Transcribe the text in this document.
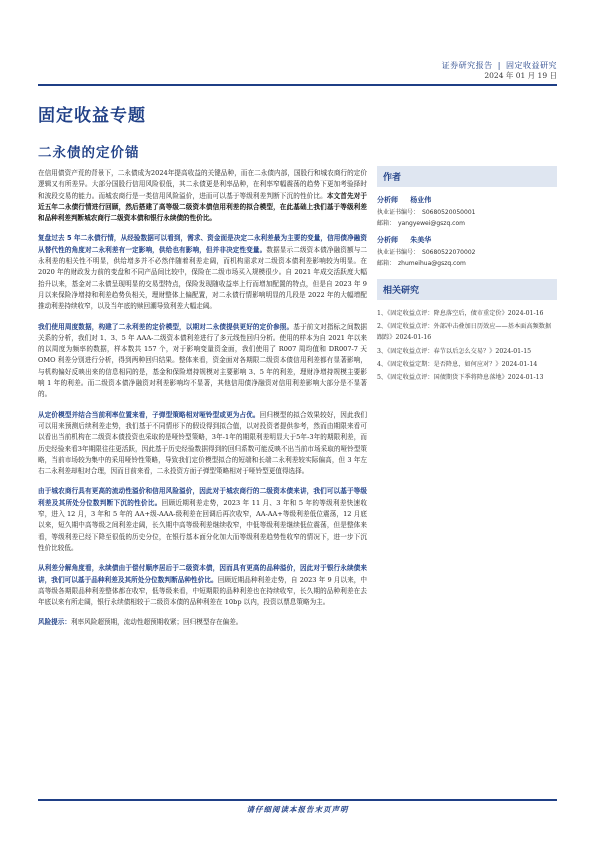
证券研究报告 | 固定收益研究
2024 年 01 月 19 日
固定收益专题
二永债的定价锚

在信用债资产荒的背景下，二永债成为2024年提高收益的关键品种，而在二永债内部，国股行和城农商行的定价逻辑又有所差异。大部分国股行信用风险很低，其二永债更是利率品种，在利率窄幅震荡的趋势下更加考验择时和波段交易的能力。而城农商行是一类信用风险溢价，进而可以基于等级利差判断下沉的性价比。本文首先对于近五年二永债行情进行回顾，然后搭建了高等级二级资本债信用利差的拟合模型，在此基础上我们基于等级利差和品种利差判断城农商行二级资本债和银行永续债的性价比。

复盘过去 5 年二永债行情，从经验数据可以看到，需求、资金面是决定二永利差最为主要的变量，信用债净融资从替代性的角度对二永利差有一定影响，供给也有影响，但并非决定性变量。数据显示二级资本债净融资额与二永利差的相关性不明显，供给增多并不必然伴随着利差走阔，而机构需求对二级资本债利差影响较为明显。在 2020 年的财政发力前的变盘和不同产品间比较中，保险在二级市场买入规模很少。自 2021 年成交活跃度大幅抬升以来，基金对二永债呈现明显的交易型特点，保险发现随收益率上行而增加配置的特点，但是自 2023 年 9 月以来保险净增持和利差趋势负相关，理财整体上偏配置，对二永债行情影响明显的几段是 2022 年的大幅增配推动利差持续收窄，以及当年底的赎回潮导致利差大幅走阔。

我们使用周度数据，构建了二永利差的定价模型，以期对二永债提供更好的定价参照。基于前文对指标之间数据关系的分析，我们对 1、3、5 年 AAA-二级资本债利差进行了多元线性回归分析。使用的样本为自 2021 年以来的以周度为频率的数据，样本数共 157 个，对于影响变量资金面，我们使用了 R007 周均值和 DR007-7 天 OMO 利差分别进行分析，得到两种回归结果。整体来看，资金面对各期限二级资本债信用利差都有显著影响，与机构偏好反映出来的信息相同的是，基金和保险增持规模对主要影响 3、5 年的利差，理财净增持规模主要影响 1 年的利差。而二级资本债净融资对利差影响均不显著，其他信用债净融资对信用利差影响大部分是不显著的。

从定价模型并结合当前利率位置来看，子弹型策略相对哑铃型或更为占优。回归模型的拟合效果较好，因此我们可以用来预测后续利差走势，我们基于不同情形下的假设得到拟合值，以对投资者提供参考，然而由期限来看可以看出当前机构在二级资本债投资也采取的是哑铃型策略，3年-1年的期限利差明显大于5年-3年的期限利差，而历史经验来看3年期限往往更活跃，因此基于历史经验数据得到的回归系数可能反映不出当前市场采取的哑铃型策略，当前市场较为集中的采用哑铃性策略，导致我们定价模型拟合的短端和长端二永利差较实际偏高，但 3 年左右二永利差却相对合理，因而目前来看，二永投资方面子弹型策略相对于哑铃型更值得选择。

由于城农商行具有更高的流动性溢价和信用风险溢价，因此对于城农商行的二级资本债来讲，我们可以基于等级利差及其所处分位数判断下沉的性价比。回顾近期利差走势，2023 年 11 月、3 年和 5 年的等级利差快速收窄，进入 12 月，3 年和 5 年的 AA+级-AAA-级利差在回调后再次收窄，AA-AA+等级利差低位震荡，12 月底以来，短久期中高等级之间利差走阔，长久期中高等级利差继续收窄，中低等级利差继续低位震荡，但是整体来看，等级利差已经下降至很低的历史分位，在银行基本面分化加大而等级利差趋势性收窄的情况下，进一步下沉性价比较低。

从利差分解角度看，永续债由于偿付顺序居后于二级资本债，因而具有更高的品种溢价，因此对于银行永续债来讲，我们可以基于品种利差及其所处分位数判断品种性价比。回顾近期品种利差走势，自 2023 年 9 月以来，中高等级各期限品种利差整体都在收窄，低等级来看，中短期限的品种利差也在持续收窄，长久期的品种利差在去年底以来有所走阔，银行永续债相较于二级资本债的品种利差在 10bp 以内，投资以票息策略为主。

风险提示：利率风险超预期，流动性超预期收紧；回归模型存在偏差。

作者
分析师 杨业伟
执业证书编号： S0680520050001
邮箱： yangyewei@gszq.com
分析师 朱美华
执业证书编号： S0680522070002
邮箱： zhumeihua@gszq.com
相关研究
1、《固定收益点评：降息落空后，债市重定价》2024-01-16
2、《固定收益点评：外部冲击叠加日历效应——基本面高频数据跟踪》2024-01-16
3、《固定收益点评：春节以后怎么交易？》2024-01-15
4、《固定收益定期：是否降息，如何应对？》2024-01-14
5、《固定收益点评：国债期货下季将降息落地》2024-01-13
请仔细阅读本报告末页声明
